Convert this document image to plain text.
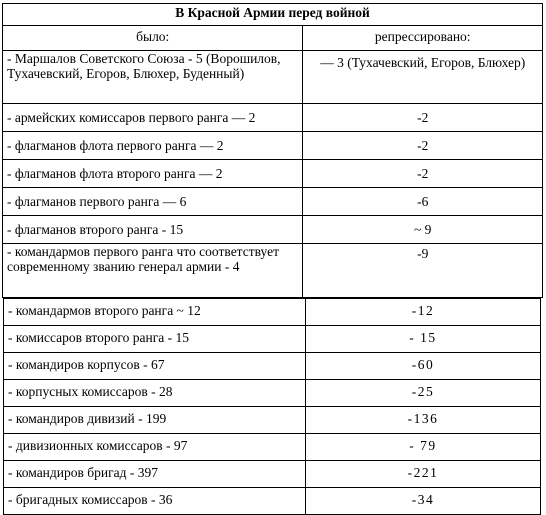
В Красной Армии перед войной	
было:	репрессировано:
- Маршалов Советского Союза - 5 (Ворошилов, Тухачевский, Егоров, Блюхер, Буденный)	— 3 (Тухачевский, Егоров, Блюхер)
- армейских комиссаров первого ранга — 2	-2
- флагманов флота первого ранга — 2	-2
- флагманов флота второго ранга — 2	-2
- флагманов первого ранга — 6	-6
- флагманов второго ранга - 15	~ 9
- командармов первого ранга что соответствует современному званию генерал армии - 4	-9
- командармов второго ранга ~ 12	-12
- комиссаров второго ранга - 15	- 15
- командиров корпусов - 67	-60
- корпусных комиссаров - 28	-25
- командиров дивизий - 199	-136
- дивизионных комиссаров - 97	- 79
- командиров бригад - 397	-221
- бригадных комиссаров - 36	-34
